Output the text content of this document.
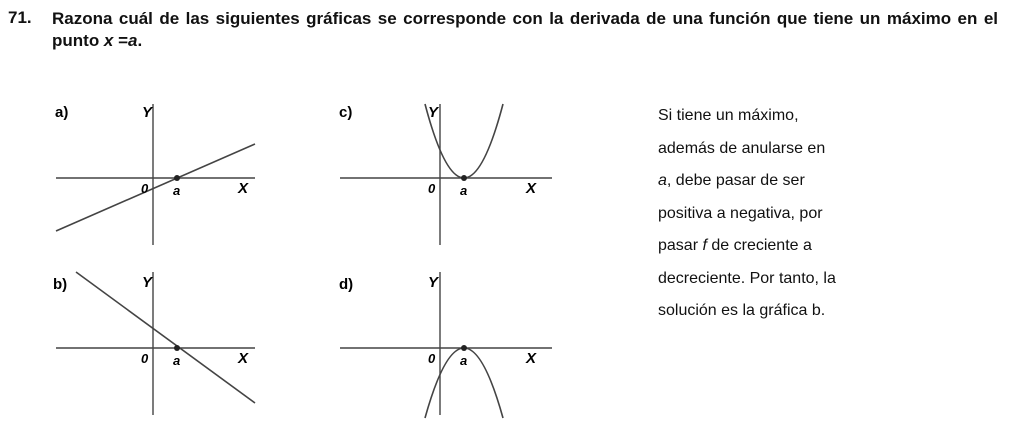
71. Razona cuál de las siguientes gráficas se corresponde con la derivada de una función que tiene un máximo en el punto x =a.
a)	Y
X
0 a
b)	Y
X
0 a
c)	Y
X
0 a
d)	Y
X
0 a
Si tiene un máximo,
además de anularse en
a, debe pasar de ser
positiva a negativa, por
pasar f de creciente a
decreciente. Por tanto, la
solución es la gráfica b.
